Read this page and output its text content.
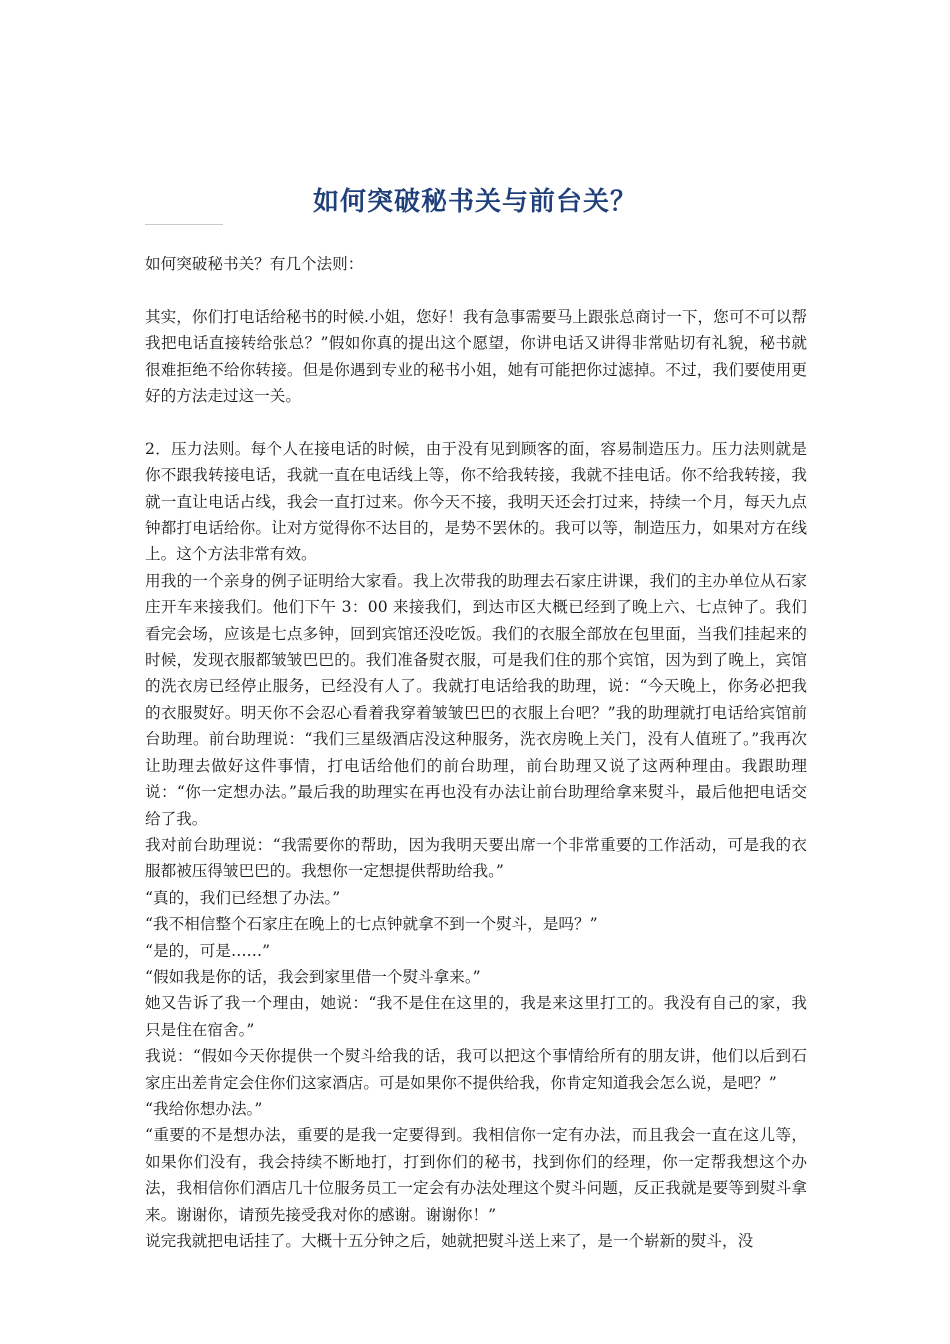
如何突破秘书关与前台关？

如何突破秘书关？有几个法则：

其实，你们打电话给秘书的时候.小姐，您好！我有急事需要马上跟张总商讨一下，您可不可以帮我把电话直接转给张总？”假如你真的提出这个愿望，你讲电话又讲得非常贴切有礼貌，秘书就很难拒绝不给你转接。但是你遇到专业的秘书小姐，她有可能把你过滤掉。不过，我们要使用更好的方法走过这一关。

2．压力法则。每个人在接电话的时候，由于没有见到顾客的面，容易制造压力。压力法则就是你不跟我转接电话，我就一直在电话线上等，你不给我转接，我就不挂电话。你不给我转接，我就一直让电话占线，我会一直打过来。你今天不接，我明天还会打过来，持续一个月，每天九点钟都打电话给你。让对方觉得你不达目的，是势不罢休的。我可以等，制造压力，如果对方在线上。这个方法非常有效。

用我的一个亲身的例子证明给大家看。我上次带我的助理去石家庄讲课，我们的主办单位从石家庄开车来接我们。他们下午 3：00 来接我们，到达市区大概已经到了晚上六、七点钟了。我们看完会场，应该是七点多钟，回到宾馆还没吃饭。我们的衣服全部放在包里面，当我们挂起来的时候，发现衣服都皱皱巴巴的。我们准备熨衣服，可是我们住的那个宾馆，因为到了晚上，宾馆的洗衣房已经停止服务，已经没有人了。我就打电话给我的助理，说：“今天晚上，你务必把我的衣服熨好。明天你不会忍心看着我穿着皱皱巴巴的衣服上台吧？”我的助理就打电话给宾馆前台助理。前台助理说：“我们三星级酒店没这种服务，洗衣房晚上关门，没有人值班了。”我再次让助理去做好这件事情，打电话给他们的前台助理，前台助理又说了这两种理由。我跟助理说：“你一定想办法。”最后我的助理实在再也没有办法让前台助理给拿来熨斗，最后他把电话交给了我。

我对前台助理说：“我需要你的帮助，因为我明天要出席一个非常重要的工作活动，可是我的衣服都被压得皱巴巴的。我想你一定想提供帮助给我。”

“真的，我们已经想了办法。”

“我不相信整个石家庄在晚上的七点钟就拿不到一个熨斗，是吗？”

“是的，可是……”

“假如我是你的话，我会到家里借一个熨斗拿来。”

她又告诉了我一个理由，她说：“我不是住在这里的，我是来这里打工的。我没有自己的家，我只是住在宿舍。”

我说：“假如今天你提供一个熨斗给我的话，我可以把这个事情给所有的朋友讲，他们以后到石家庄出差肯定会住你们这家酒店。可是如果你不提供给我，你肯定知道我会怎么说，是吧？”

“我给你想办法。”

“重要的不是想办法，重要的是我一定要得到。我相信你一定有办法，而且我会一直在这儿等，如果你们没有，我会持续不断地打，打到你们的秘书，找到你们的经理，你一定帮我想这个办法，我相信你们酒店几十位服务员工一定会有办法处理这个熨斗问题，反正我就是要等到熨斗拿来。谢谢你，请预先接受我对你的感谢。谢谢你！”

说完我就把电话挂了。大概十五分钟之后，她就把熨斗送上来了，是一个崭新的熨斗，没
